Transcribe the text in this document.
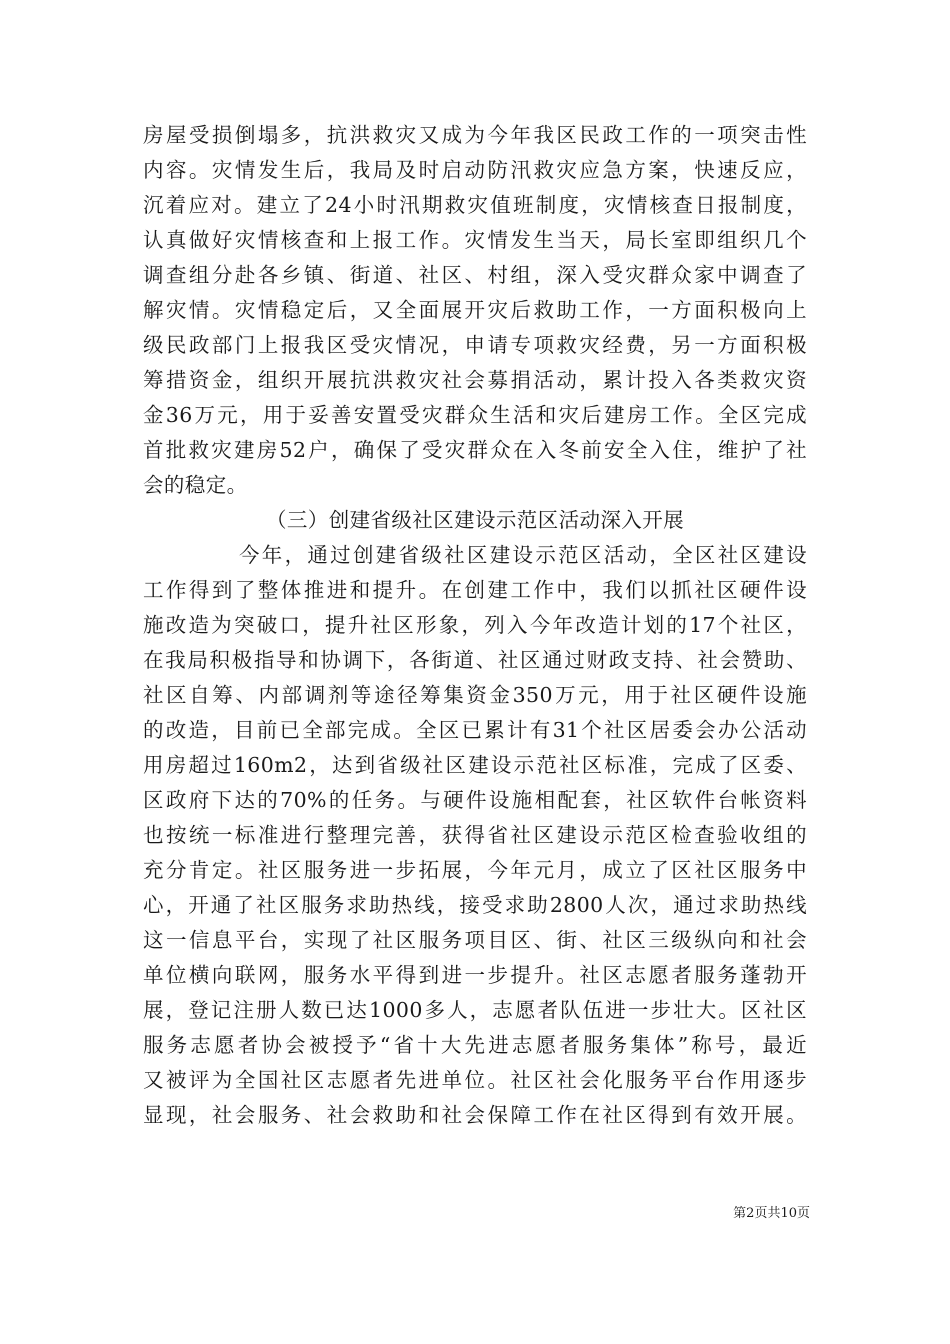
房屋受损倒塌多，抗洪救灾又成为今年我区民政工作的一项突击性
内容。灾情发生后，我局及时启动防汛救灾应急方案，快速反应，
沉着应对。建立了24小时汛期救灾值班制度，灾情核查日报制度，
认真做好灾情核查和上报工作。灾情发生当天，局长室即组织几个
调查组分赴各乡镇、街道、社区、村组，深入受灾群众家中调查了
解灾情。灾情稳定后，又全面展开灾后救助工作，一方面积极向上
级民政部门上报我区受灾情况，申请专项救灾经费，另一方面积极
筹措资金，组织开展抗洪救灾社会募捐活动，累计投入各类救灾资
金36万元，用于妥善安置受灾群众生活和灾后建房工作。全区完成
首批救灾建房52户，确保了受灾群众在入冬前安全入住，维护了社
会的稳定。
（三）创建省级社区建设示范区活动深入开展
今年，通过创建省级社区建设示范区活动，全区社区建设
工作得到了整体推进和提升。在创建工作中，我们以抓社区硬件设
施改造为突破口，提升社区形象，列入今年改造计划的17个社区，
在我局积极指导和协调下，各街道、社区通过财政支持、社会赞助、
社区自筹、内部调剂等途径筹集资金350万元，用于社区硬件设施
的改造，目前已全部完成。全区已累计有31个社区居委会办公活动
用房超过160m2，达到省级社区建设示范社区标准，完成了区委、
区政府下达的70%的任务。与硬件设施相配套，社区软件台帐资料
也按统一标准进行整理完善，获得省社区建设示范区检查验收组的
充分肯定。社区服务进一步拓展，今年元月，成立了区社区服务中
心，开通了社区服务求助热线，接受求助2800人次，通过求助热线
这一信息平台，实现了社区服务项目区、街、社区三级纵向和社会
单位横向联网，服务水平得到进一步提升。社区志愿者服务蓬勃开
展，登记注册人数已达1000多人，志愿者队伍进一步壮大。区社区
服务志愿者协会被授予“省十大先进志愿者服务集体”称号，最近
又被评为全国社区志愿者先进单位。社区社会化服务平台作用逐步
显现，社会服务、社会救助和社会保障工作在社区得到有效开展。
第2页共10页
